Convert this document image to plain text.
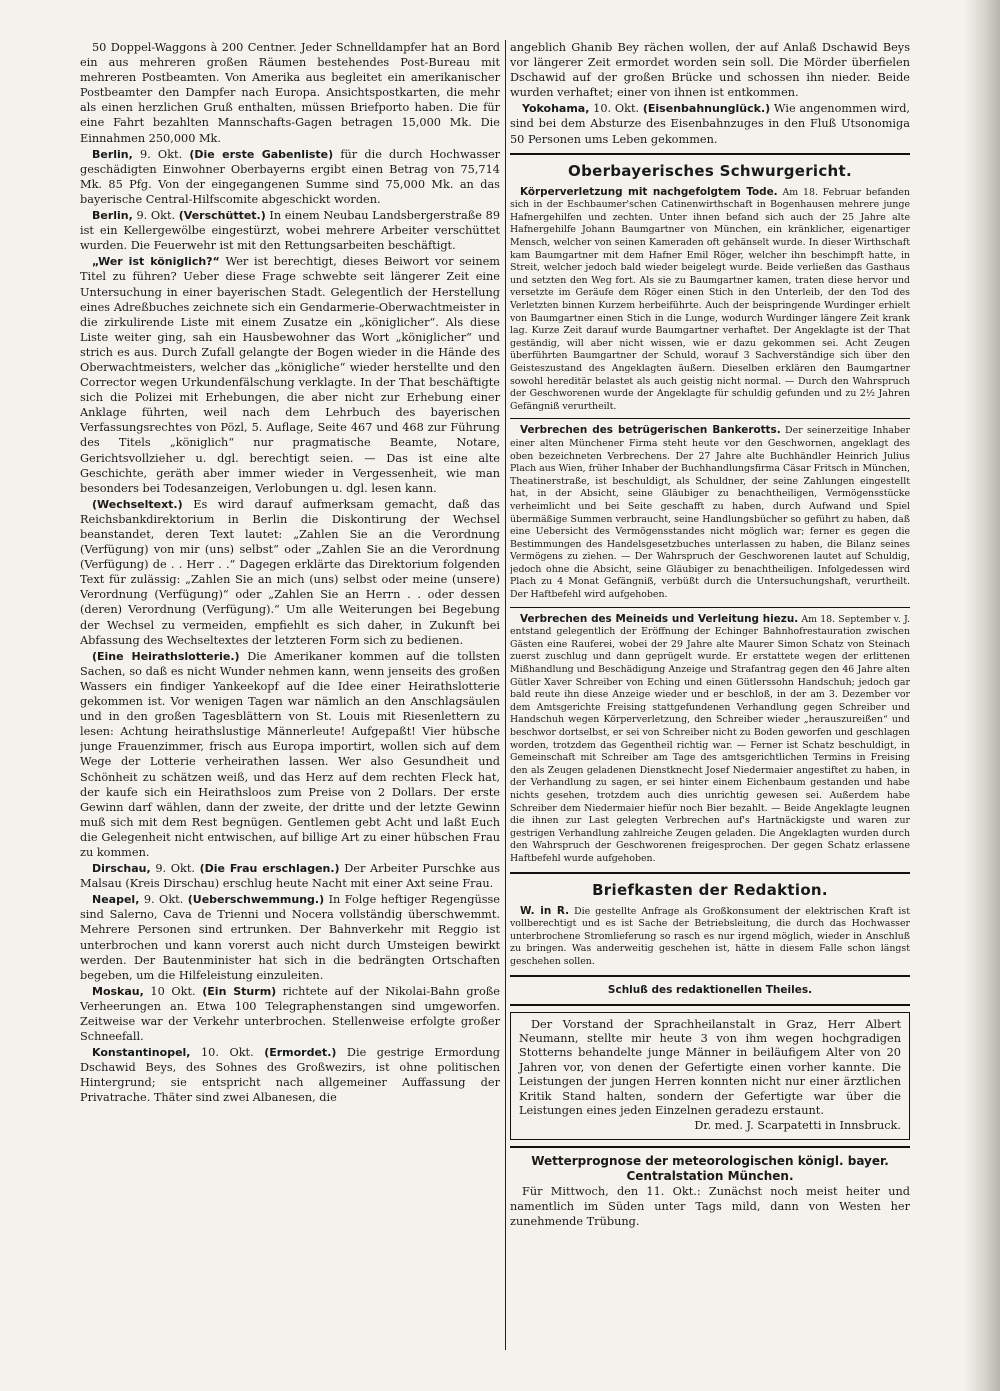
50 Doppel-Waggons à 200 Centner. Jeder Schnelldampfer hat an Bord ein aus mehreren großen Räumen bestehendes Post-Bureau mit mehreren Postbeamten. Von Amerika aus begleitet ein amerikanischer Postbeamter den Dampfer nach Europa. Ansichtspostkarten, die mehr als einen herzlichen Gruß enthalten, müssen Briefporto haben. Die für eine Fahrt bezahlten Mannschafts-Gagen betragen 15,000 Mk. Die Einnahmen 250,000 Mk.

Berlin, 9. Okt. (Die erste Gabenliste) für die durch Hochwasser geschädigten Einwohner Oberbayerns ergibt einen Betrag von 75,714 Mk. 85 Pfg. Von der eingegangenen Summe sind 75,000 Mk. an das bayerische Central-Hilfscomite abgeschickt worden.

Berlin, 9. Okt. (Verschüttet.) In einem Neubau Landsbergerstraße 89 ist ein Kellergewölbe eingestürzt, wobei mehrere Arbeiter verschüttet wurden. Die Feuerwehr ist mit den Rettungsarbeiten beschäftigt.

„Wer ist königlich?“ Wer ist berechtigt, dieses Beiwort vor seinem Titel zu führen? Ueber diese Frage schwebte seit längerer Zeit eine Untersuchung in einer bayerischen Stadt. Gelegentlich der Herstellung eines Adreßbuches zeichnete sich ein Gendarmerie-Oberwachtmeister in die zirkulirende Liste mit einem Zusatze ein „königlicher“. Als diese Liste weiter ging, sah ein Hausbewohner das Wort „königlicher“ und strich es aus. Durch Zufall gelangte der Bogen wieder in die Hände des Oberwachtmeisters, welcher das „königliche“ wieder herstellte und den Corrector wegen Urkundenfälschung verklagte. In der That beschäftigte sich die Polizei mit Erhebungen, die aber nicht zur Erhebung einer Anklage führten, weil nach dem Lehrbuch des bayerischen Verfassungsrechtes von Pözl, 5. Auflage, Seite 467 und 468 zur Führung des Titels „königlich“ nur pragmatische Beamte, Notare, Gerichtsvollzieher u. dgl. berechtigt seien. — Das ist eine alte Geschichte, geräth aber immer wieder in Vergessenheit, wie man besonders bei Todesanzeigen, Verlobungen u. dgl. lesen kann.

(Wechseltext.) Es wird darauf aufmerksam gemacht, daß das Reichsbankdirektorium in Berlin die Diskontirung der Wechsel beanstandet, deren Text lautet: „Zahlen Sie an die Verordnung (Verfügung) von mir (uns) selbst“ oder „Zahlen Sie an die Verordnung (Verfügung) de . . Herr . .“ Dagegen erklärte das Direktorium folgenden Text für zulässig: „Zahlen Sie an mich (uns) selbst oder meine (unsere) Verordnung (Verfügung)“ oder „Zahlen Sie an Herrn . . oder dessen (deren) Verordnung (Verfügung).“ Um alle Weiterungen bei Begebung der Wechsel zu vermeiden, empfiehlt es sich daher, in Zukunft bei Abfassung des Wechseltextes der letzteren Form sich zu bedienen.

(Eine Heirathslotterie.) Die Amerikaner kommen auf die tollsten Sachen, so daß es nicht Wunder nehmen kann, wenn jenseits des großen Wassers ein findiger Yankeekopf auf die Idee einer Heirathslotterie gekommen ist. Vor wenigen Tagen war nämlich an den Anschlagsäulen und in den großen Tagesblättern von St. Louis mit Riesenlettern zu lesen: Achtung heirathslustige Männerleute! Aufgepaßt! Vier hübsche junge Frauenzimmer, frisch aus Europa importirt, wollen sich auf dem Wege der Lotterie verheirathen lassen. Wer also Gesundheit und Schönheit zu schätzen weiß, und das Herz auf dem rechten Fleck hat, der kaufe sich ein Heirathsloos zum Preise von 2 Dollars. Der erste Gewinn darf wählen, dann der zweite, der dritte und der letzte Gewinn muß sich mit dem Rest begnügen. Gentlemen gebt Acht und laßt Euch die Gelegenheit nicht entwischen, auf billige Art zu einer hübschen Frau zu kommen.

Dirschau, 9. Okt. (Die Frau erschlagen.) Der Arbeiter Purschke aus Malsau (Kreis Dirschau) erschlug heute Nacht mit einer Axt seine Frau.

Neapel, 9. Okt. (Ueberschwemmung.) In Folge heftiger Regengüsse sind Salerno, Cava de Trienni und Nocera vollständig überschwemmt. Mehrere Personen sind ertrunken. Der Bahnverkehr mit Reggio ist unterbrochen und kann vorerst auch nicht durch Umsteigen bewirkt werden. Der Bautenminister hat sich in die bedrängten Ortschaften begeben, um die Hilfeleistung einzuleiten.

Moskau, 10 Okt. (Ein Sturm) richtete auf der Nikolai-Bahn große Verheerungen an. Etwa 100 Telegraphenstangen sind umgeworfen. Zeitweise war der Verkehr unterbrochen. Stellenweise erfolgte großer Schneefall.

Konstantinopel, 10. Okt. (Ermordet.) Die gestrige Ermordung Dschawid Beys, des Sohnes des Großwezirs, ist ohne politischen Hintergrund; sie entspricht nach allgemeiner Auffassung der Privatrache. Thäter sind zwei Albanesen, die

angeblich Ghanib Bey rächen wollen, der auf Anlaß Dschawid Beys vor längerer Zeit ermordet worden sein soll. Die Mörder überfielen Dschawid auf der großen Brücke und schossen ihn nieder. Beide wurden verhaftet; einer von ihnen ist entkommen.

Yokohama, 10. Okt. (Eisenbahnunglück.) Wie angenommen wird, sind bei dem Absturze des Eisenbahnzuges in den Fluß Utsonomiga 50 Personen ums Leben gekommen.

Oberbayerisches Schwurgericht.

Körperverletzung mit nachgefolgtem Tode. Am 18. Februar befanden sich in der Eschbaumer'schen Catinenwirthschaft in Bogenhausen mehrere junge Hafnergehilfen und zechten. Unter ihnen befand sich auch der 25 Jahre alte Hafnergehilfe Johann Baumgartner von München, ein kränklicher, eigenartiger Mensch, welcher von seinen Kameraden oft gehänselt wurde. In dieser Wirthschaft kam Baumgartner mit dem Hafner Emil Röger, welcher ihn beschimpft hatte, in Streit, welcher jedoch bald wieder beigelegt wurde. Beide verließen das Gasthaus und setzten den Weg fort. Als sie zu Baumgartner kamen, traten diese hervor und versetzte im Geräufe dem Röger einen Stich in den Unterleib, der den Tod des Verletzten binnen Kurzem herbeiführte. Auch der beispringende Wurdinger erhielt von Baumgartner einen Stich in die Lunge, wodurch Wurdinger längere Zeit krank lag. Kurze Zeit darauf wurde Baumgartner verhaftet. Der Angeklagte ist der That geständig, will aber nicht wissen, wie er dazu gekommen sei. Acht Zeugen überführten Baumgartner der Schuld, worauf 3 Sachverständige sich über den Geisteszustand des Angeklagten äußern. Dieselben erklären den Baumgartner sowohl hereditär belastet als auch geistig nicht normal. — Durch den Wahrspruch der Geschworenen wurde der Angeklagte für schuldig gefunden und zu 2½ Jahren Gefängniß verurtheilt.

Verbrechen des betrügerischen Bankerotts. Der seinerzeitige Inhaber einer alten Münchener Firma steht heute vor den Geschwornen, angeklagt des oben bezeichneten Verbrechens. Der 27 Jahre alte Buchhändler Heinrich Julius Plach aus Wien, früher Inhaber der Buchhandlungsfirma Cäsar Fritsch in München, Theatinerstraße, ist beschuldigt, als Schuldner, der seine Zahlungen eingestellt hat, in der Absicht, seine Gläubiger zu benachtheiligen, Vermögensstücke verheimlicht und bei Seite geschafft zu haben, durch Aufwand und Spiel übermäßige Summen verbraucht, seine Handlungsbücher so geführt zu haben, daß eine Uebersicht des Vermögensstandes nicht möglich war; ferner es gegen die Bestimmungen des Handelsgesetzbuches unterlassen zu haben, die Bilanz seines Vermögens zu ziehen. — Der Wahrspruch der Geschworenen lautet auf Schuldig, jedoch ohne die Absicht, seine Gläubiger zu benachtheiligen. Infolgedessen wird Plach zu 4 Monat Gefängniß, verbüßt durch die Untersuchungshaft, verurtheilt. Der Haftbefehl wird aufgehoben.

Verbrechen des Meineids und Verleitung hiezu. Am 18. September v. J. entstand gelegentlich der Eröffnung der Echinger Bahnhofrestauration zwischen Gästen eine Rauferei, wobei der 29 Jahre alte Maurer Simon Schatz von Steinach zuerst zuschlug und dann geprügelt wurde. Er erstattete wegen der erlittenen Mißhandlung und Beschädigung Anzeige und Strafantrag gegen den 46 Jahre alten Gütler Xaver Schreiber von Eching und einen Gütlerssohn Handschuh; jedoch gar bald reute ihn diese Anzeige wieder und er beschloß, in der am 3. Dezember vor dem Amtsgerichte Freising stattgefundenen Verhandlung gegen Schreiber und Handschuh wegen Körperverletzung, den Schreiber wieder „herauszureißen“ und beschwor dortselbst, er sei von Schreiber nicht zu Boden geworfen und geschlagen worden, trotzdem das Gegentheil richtig war. — Ferner ist Schatz beschuldigt, in Gemeinschaft mit Schreiber am Tage des amtsgerichtlichen Termins in Freising den als Zeugen geladenen Dienstknecht Josef Niedermaier angestiftet zu haben, in der Verhandlung zu sagen, er sei hinter einem Eichenbaum gestanden und habe nichts gesehen, trotzdem auch dies unrichtig gewesen sei. Außerdem habe Schreiber dem Niedermaier hiefür noch Bier bezahlt. — Beide Angeklagte leugnen die ihnen zur Last gelegten Verbrechen auf's Hartnäckigste und waren zur gestrigen Verhandlung zahlreiche Zeugen geladen. Die Angeklagten wurden durch den Wahrspruch der Geschworenen freigesprochen. Der gegen Schatz erlassene Haftbefehl wurde aufgehoben.

Briefkasten der Redaktion.

W. in R. Die gestellte Anfrage als Großkonsument der elektrischen Kraft ist vollberechtigt und es ist Sache der Betriebsleitung, die durch das Hochwasser unterbrochene Stromlieferung so rasch es nur irgend möglich, wieder in Anschluß zu bringen. Was anderweitig geschehen ist, hätte in diesem Falle schon längst geschehen sollen.

Schluß des redaktionellen Theiles.

Der Vorstand der Sprachheilanstalt in Graz, Herr Albert Neumann, stellte mir heute 3 von ihm wegen hochgradigen Stotterns behandelte junge Männer in beiläufigem Alter von 20 Jahren vor, von denen der Gefertigte einen vorher kannte. Die Leistungen der jungen Herren konnten nicht nur einer ärztlichen Kritik Stand halten, sondern der Gefertigte war über die Leistungen eines jeden Einzelnen geradezu erstaunt.

Dr. med. J. Scarpatetti in Innsbruck.
Wetterprognose der meteorologischen königl. bayer.
Centralstation München.

Für Mittwoch, den 11. Okt.: Zunächst noch meist heiter und namentlich im Süden unter Tags mild, dann von Westen her zunehmende Trübung.
